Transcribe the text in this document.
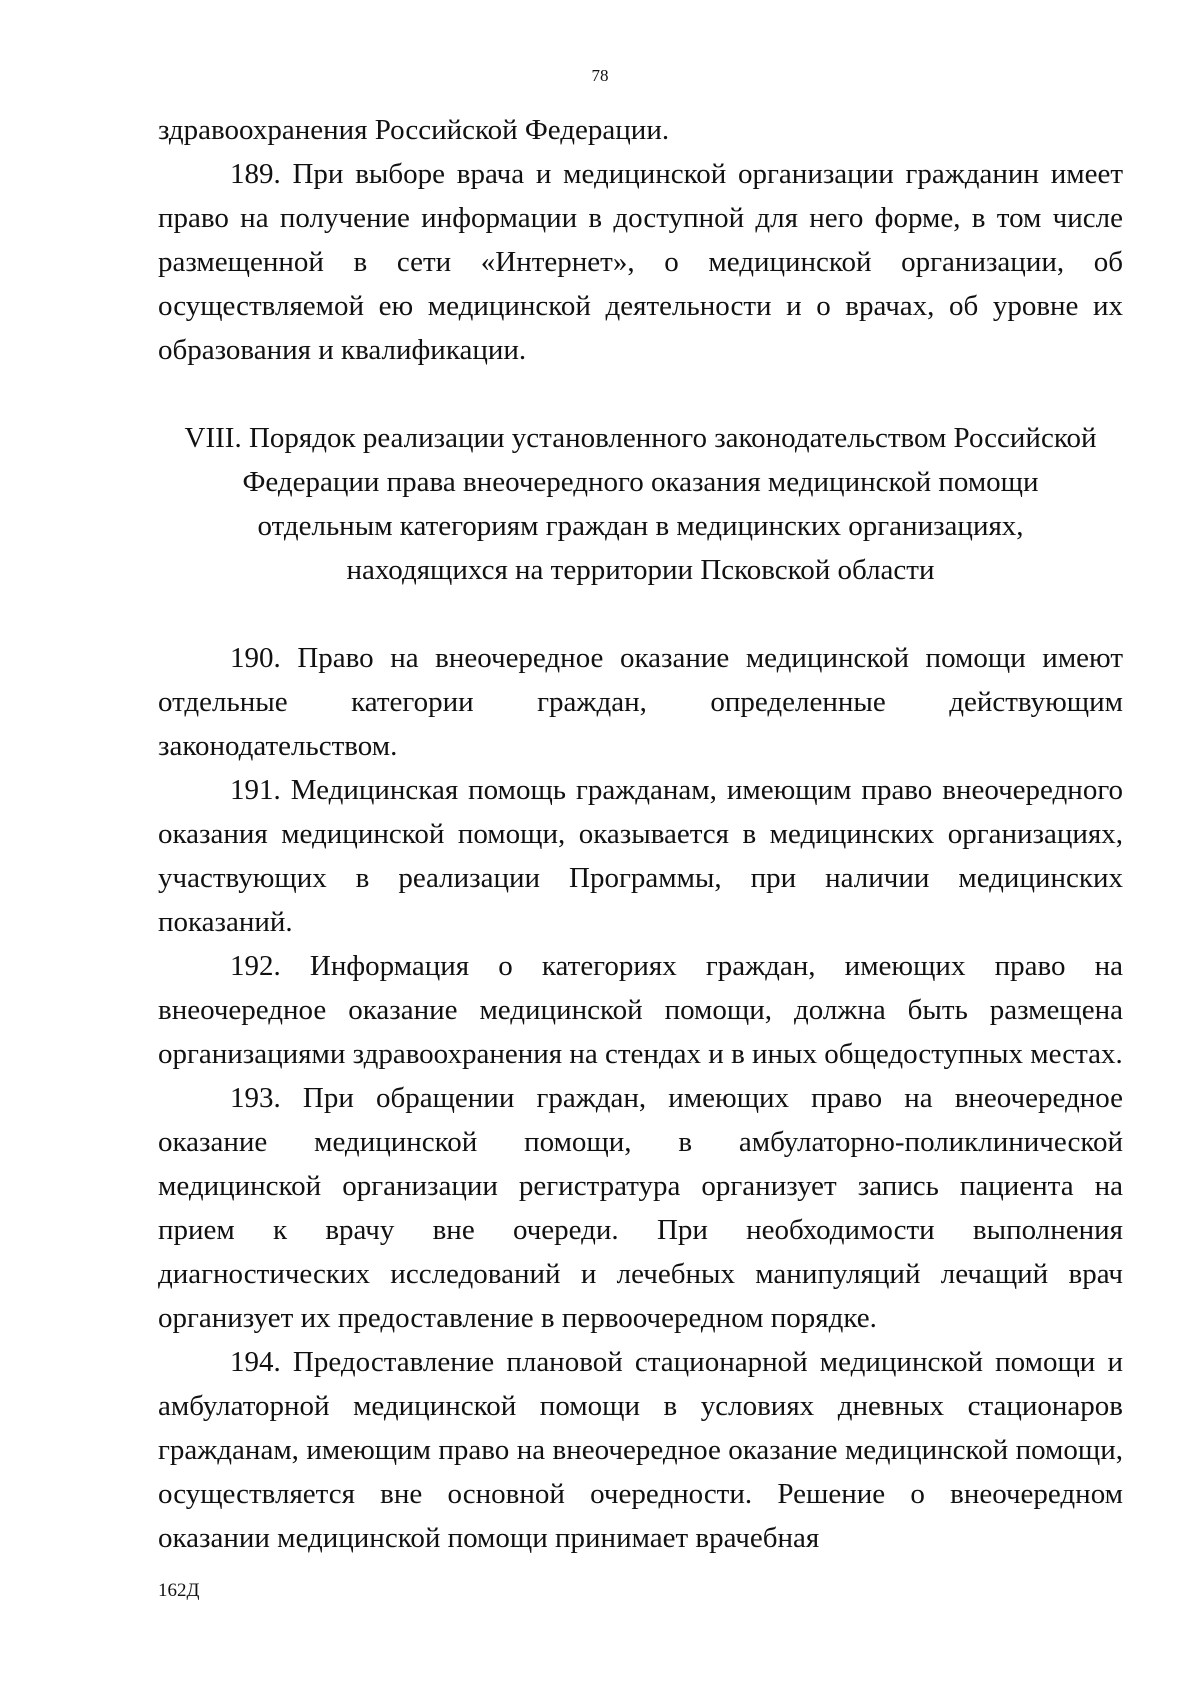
78

здравоохранения Российской Федерации.

189. При выборе врача и медицинской организации гражданин имеет право на получение информации в доступной для него форме, в том числе размещенной в сети «Интернет», о медицинской организации, об осуществляемой ею медицинской деятельности и о врачах, об уровне их образования и квалификации.

VIII. Порядок реализации установленного законодательством Российской
Федерации права внеочередного оказания медицинской помощи
отдельным категориям граждан в медицинских организациях,
находящихся на территории Псковской области

190. Право на внеочередное оказание медицинской помощи имеют отдельные категории граждан, определенные действующим законодательством.

191. Медицинская помощь гражданам, имеющим право внеочередного оказания медицинской помощи, оказывается в медицинских организациях, участвующих в реализации Программы, при наличии медицинских показаний.

192. Информация о категориях граждан, имеющих право на внеочередное оказание медицинской помощи, должна быть размещена организациями здравоохранения на стендах и в иных общедоступных местах.

193. При обращении граждан, имеющих право на внеочередное оказание медицинской помощи, в амбулаторно-поликлинической медицинской организации регистратура организует запись пациента на прием к врачу вне очереди. При необходимости выполнения диагностических исследований и лечебных манипуляций лечащий врач организует их предоставление в первоочередном порядке.

194. Предоставление плановой стационарной медицинской помощи и амбулаторной медицинской помощи в условиях дневных стационаров гражданам, имеющим право на внеочередное оказание медицинской помощи, осуществляется вне основной очередности. Решение о внеочередном оказании медицинской помощи принимает врачебная

162Д
